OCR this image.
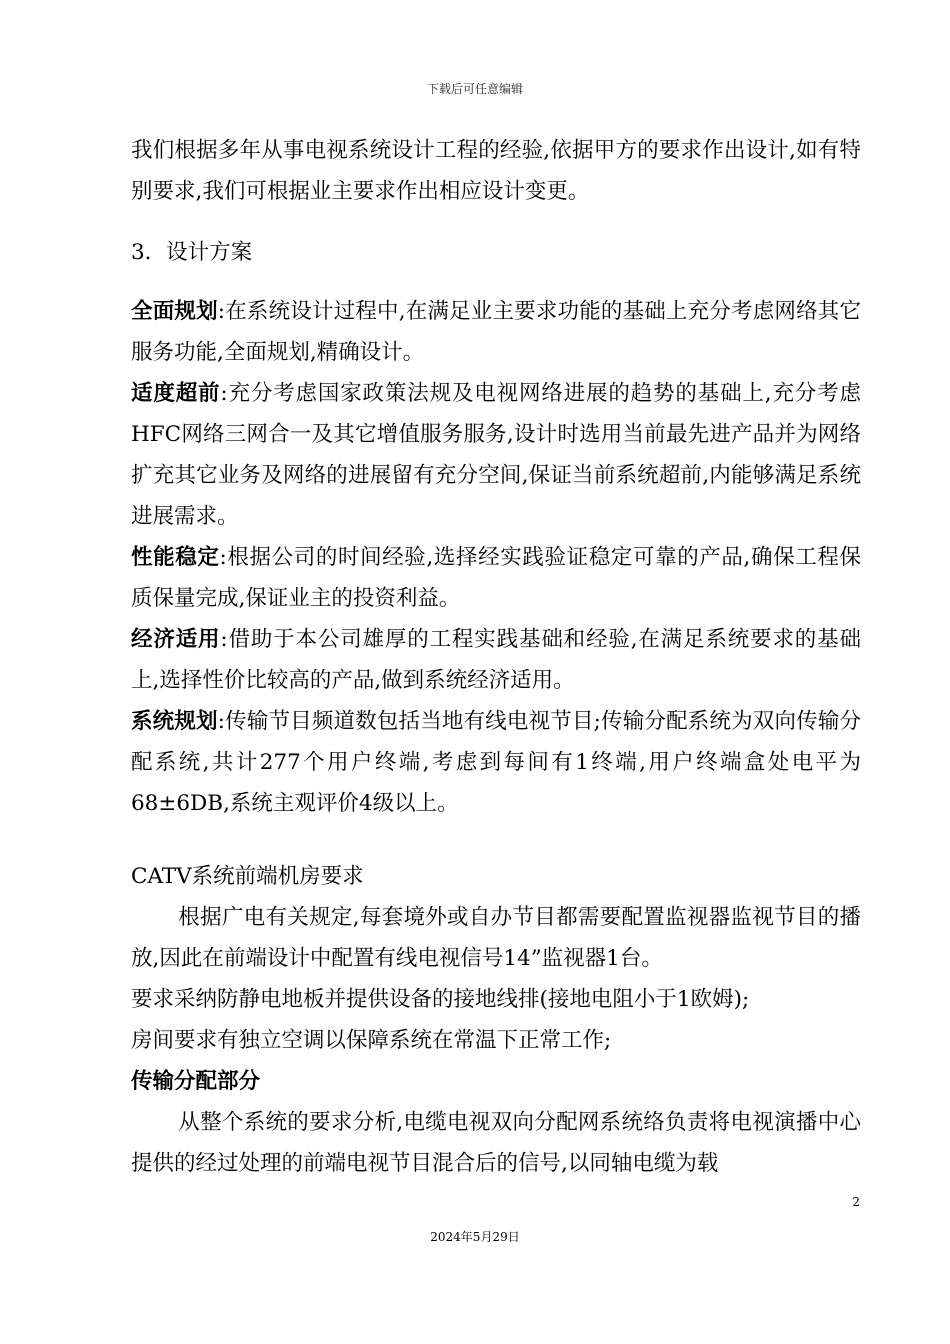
下载后可任意编辑

我们根据多年从事电视系统设计工程的经验,依据甲方的要求作出设计,如有特别要求,我们可根据业主要求作出相应设计变更。

3．设计方案

全面规划:在系统设计过程中,在满足业主要求功能的基础上充分考虑网络其它服务功能,全面规划,精确设计。

适度超前:充分考虑国家政策法规及电视网络进展的趋势的基础上,充分考虑HFC网络三网合一及其它增值服务服务,设计时选用当前最先进产品并为网络扩充其它业务及网络的进展留有充分空间,保证当前系统超前,内能够满足系统进展需求。

性能稳定:根据公司的时间经验,选择经实践验证稳定可靠的产品,确保工程保质保量完成,保证业主的投资利益。

经济适用:借助于本公司雄厚的工程实践基础和经验,在满足系统要求的基础上,选择性价比较高的产品,做到系统经济适用。

系统规划:传输节目频道数包括当地有线电视节目;传输分配系统为双向传输分配系统,共计277个用户终端,考虑到每间有1终端,用户终端盒处电平为68±6DB,系统主观评价4级以上。

CATV系统前端机房要求

根据广电有关规定,每套境外或自办节目都需要配置监视器监视节目的播放,因此在前端设计中配置有线电视信号14”监视器1台。

要求采纳防静电地板并提供设备的接地线排(接地电阻小于1欧姆);

房间要求有独立空调以保障系统在常温下正常工作;

传输分配部分

从整个系统的要求分析,电缆电视双向分配网系统络负责将电视演播中心提供的经过处理的前端电视节目混合后的信号,以同轴电缆为载

2
2024年5月29日
